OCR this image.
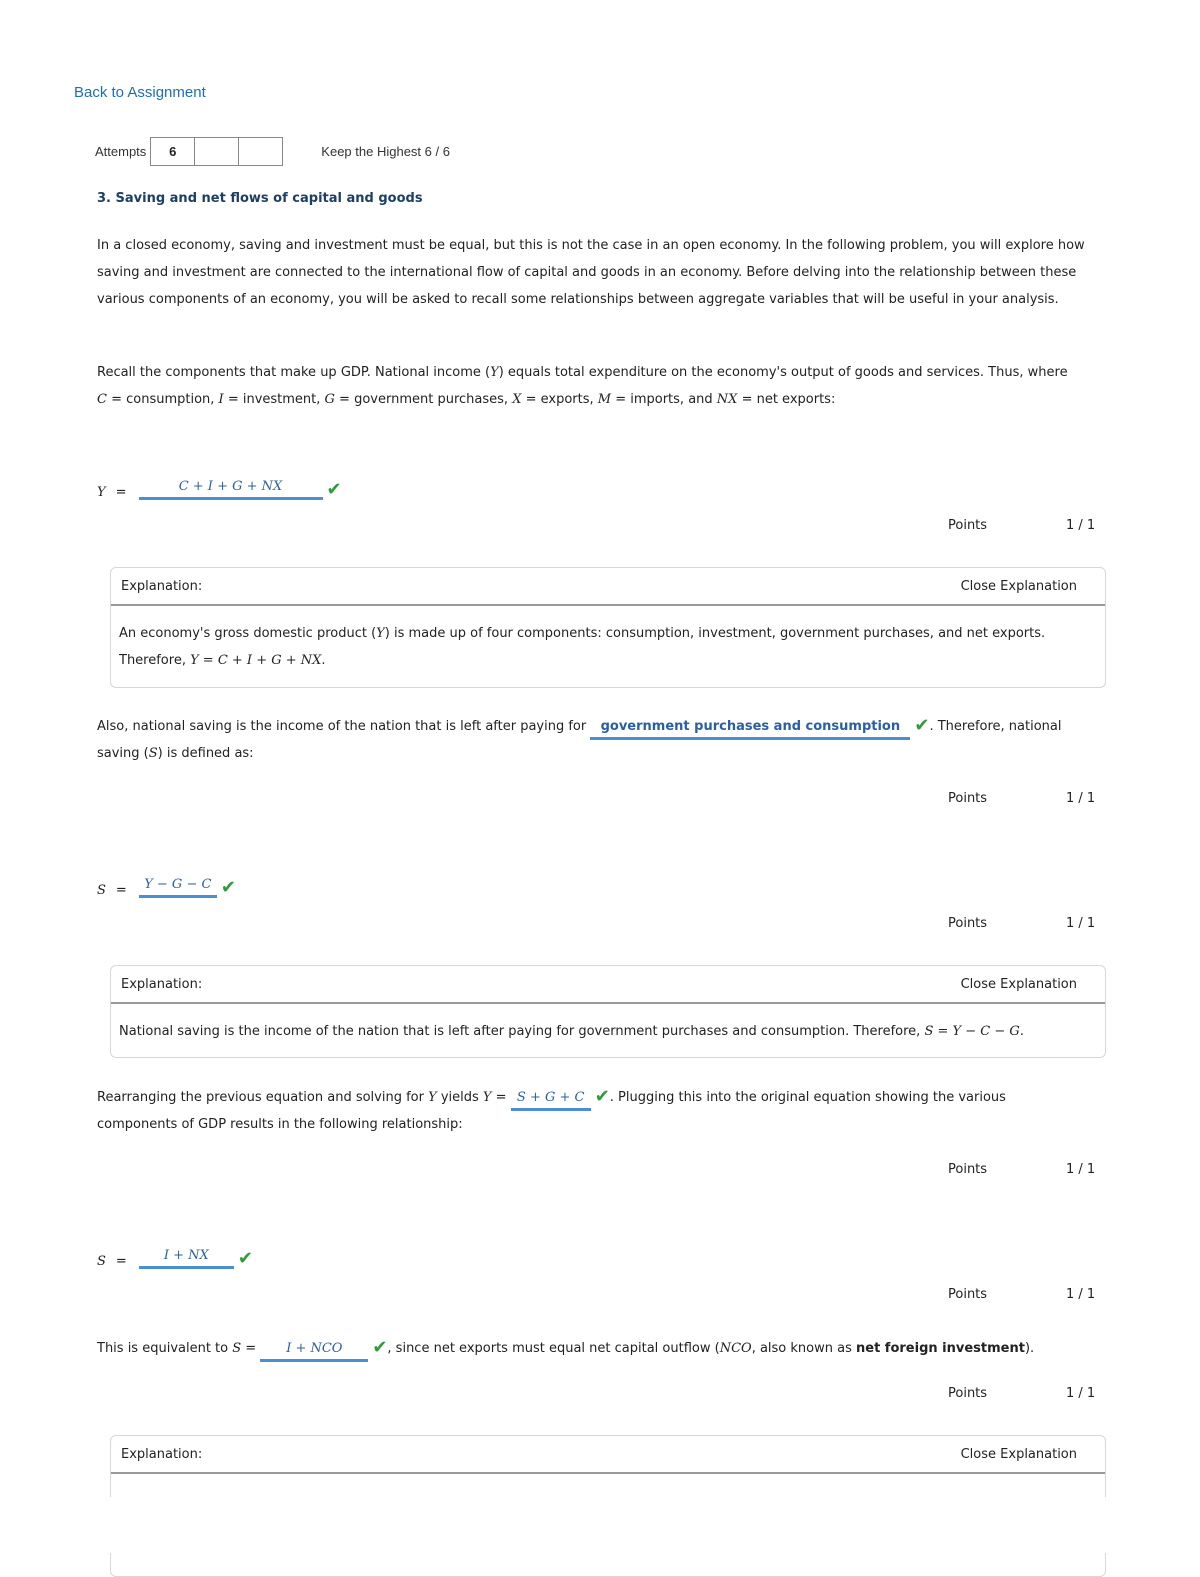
Back to Assignment
Attempts	6	Keep the Highest 6 / 6
3. Saving and net flows of capital and goods
In a closed economy, saving and investment must be equal, but this is not the case in an open economy. In the following problem, you will explore how saving and investment are connected to the international flow of capital and goods in an economy. Before delving into the relationship between these various components of an economy, you will be asked to recall some relationships between aggregate variables that will be useful in your analysis.
Recall the components that make up GDP. National income (Y) equals total expenditure on the economy's output of goods and services. Thus, where
C = consumption, I = investment, G = government purchases, X = exports, M = imports, and NX = net exports:
Y =	C + I + G + NX	✔
Points	1 / 1
Explanation:	Close Explanation
An economy's gross domestic product (Y) is made up of four components: consumption, investment, government purchases, and net exports.
Therefore, Y = C + I + G + NX.
Also, national saving is the income of the nation that is left after paying for government purchases and consumption ✔. Therefore, national
saving (S) is defined as:
Points	1 / 1
S =	Y − G − C ✔
Points	1 / 1
Explanation:	Close Explanation
National saving is the income of the nation that is left after paying for government purchases and consumption. Therefore, S = Y − C − G.
Rearranging the previous equation and solving for Y yields Y = S + G + C ✔. Plugging this into the original equation showing the various
components of GDP results in the following relationship:
Points	1 / 1
S =	I + NX	✔
Points	1 / 1
This is equivalent to S = I + NCO ✔, since net exports must equal net capital outflow (NCO, also known as net foreign investment).
Points	1 / 1
Explanation:	Close Explanation
